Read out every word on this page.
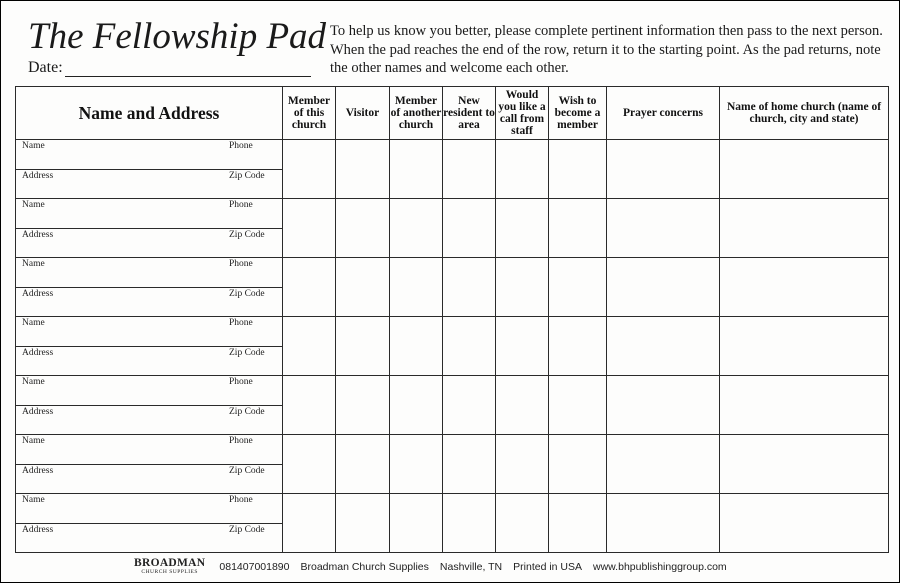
The Fellowship Pad
Date:
To help us know you better, please complete pertinent information then pass to the next person. When the pad reaches the end of the row, return it to the starting point. As the pad returns, note the other names and welcome each other.
Name and Address	Member of this church	Visitor	Member of another church	New resident to area	Would you like a call from staff	Wish to become a member	Prayer concerns	Name of home church (name of church, city and state)

Name Phone
Address Zip Code								

Name Phone
Address Zip Code								

Name Phone
Address Zip Code								

Name Phone
Address Zip Code								

Name Phone
Address Zip Code								

Name Phone
Address Zip Code								

Name Phone
Address Zip Code								

BROADMAN
CHURCH SUPPLIES 081407001890 Broadman Church Supplies Nashville, TN Printed in USA www.bhpublishinggroup.com
